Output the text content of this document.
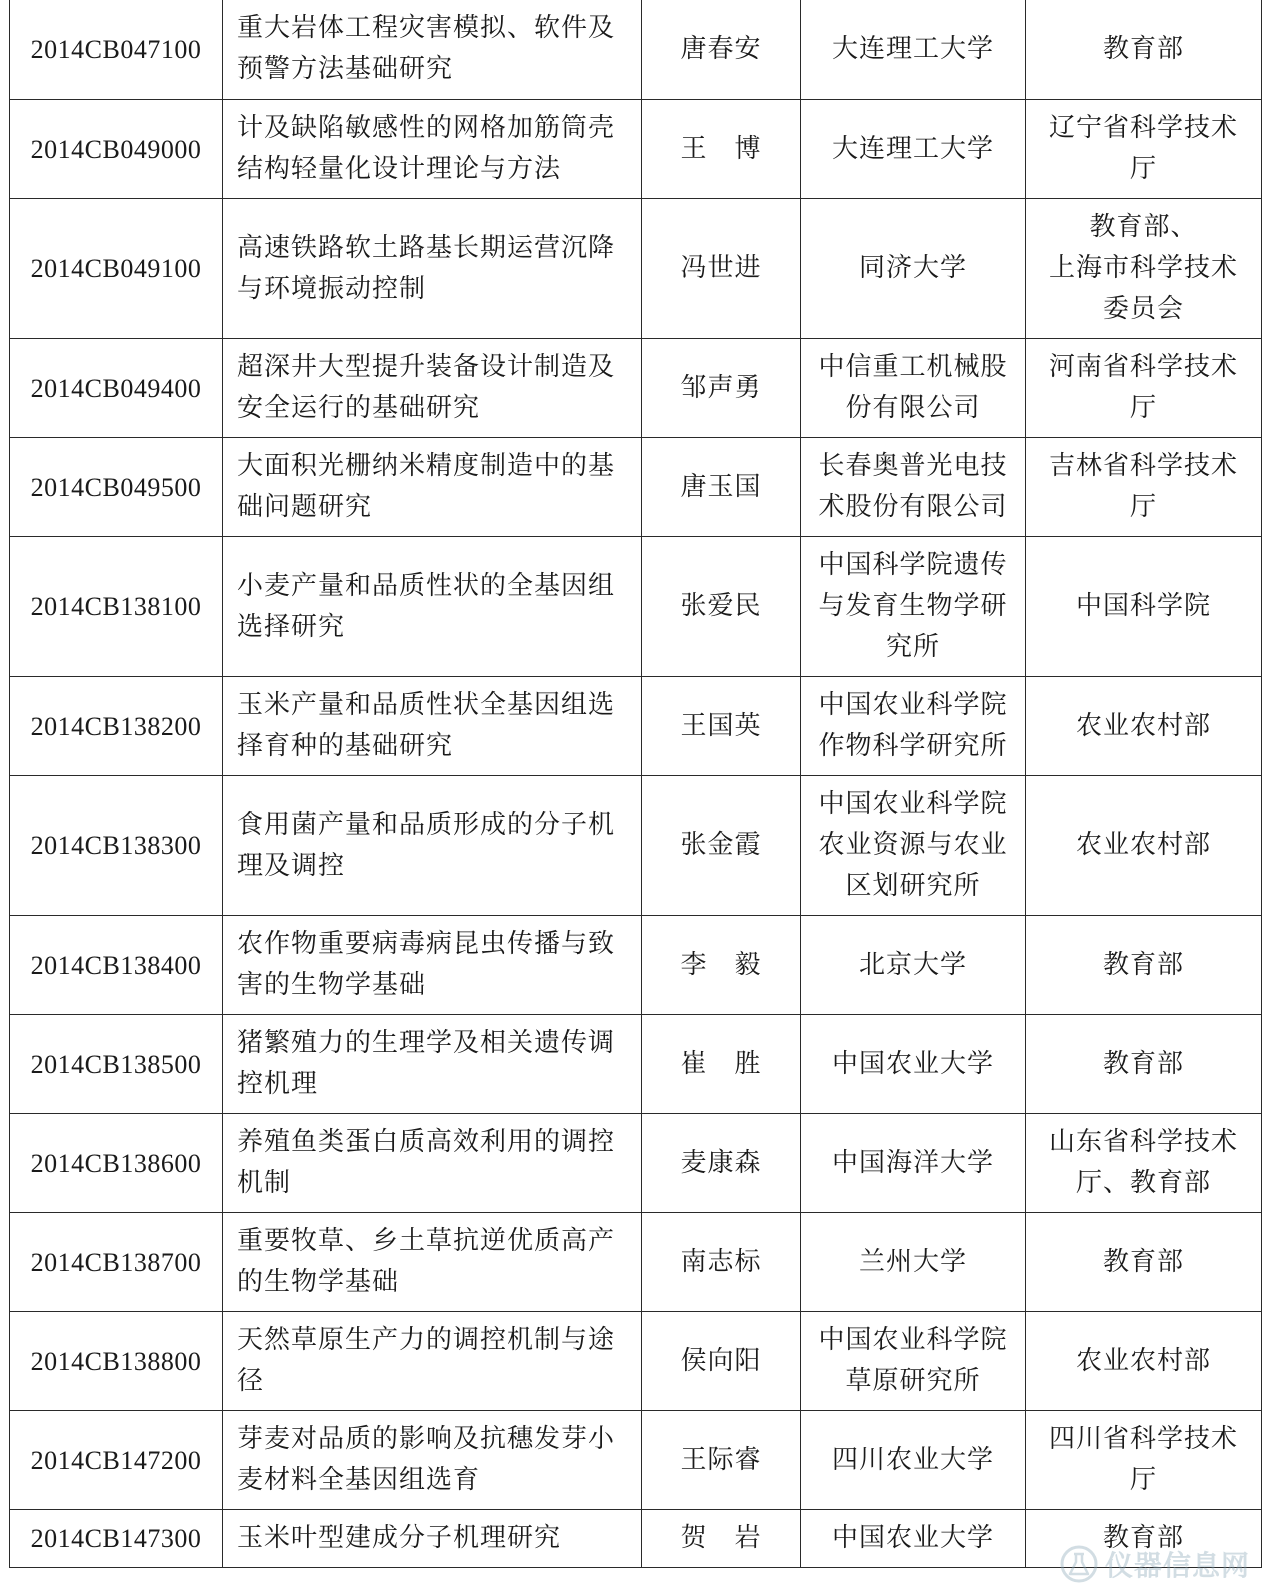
2014CB047100	重大岩体工程灾害模拟、软件及
预警方法基础研究	唐春安	大连理工大学	教育部

2014CB049000	计及缺陷敏感性的网格加筋筒壳
结构轻量化设计理论与方法	王　博	大连理工大学	辽宁省科学技术
厅

2014CB049100	高速铁路软土路基长期运营沉降
与环境振动控制	冯世进	同济大学	教育部、
上海市科学技术
委员会

2014CB049400	超深井大型提升装备设计制造及
安全运行的基础研究	邹声勇	中信重工机械股
份有限公司	河南省科学技术
厅

2014CB049500	大面积光栅纳米精度制造中的基
础问题研究	唐玉国	长春奥普光电技
术股份有限公司	吉林省科学技术
厅

2014CB138100	小麦产量和品质性状的全基因组
选择研究	张爱民	中国科学院遗传
与发育生物学研
究所	中国科学院

2014CB138200	玉米产量和品质性状全基因组选
择育种的基础研究	王国英	中国农业科学院
作物科学研究所	农业农村部

2014CB138300	食用菌产量和品质形成的分子机
理及调控	张金霞	中国农业科学院
农业资源与农业
区划研究所	农业农村部

2014CB138400	农作物重要病毒病昆虫传播与致
害的生物学基础	李　毅	北京大学	教育部

2014CB138500	猪繁殖力的生理学及相关遗传调
控机理	崔　胜	中国农业大学	教育部

2014CB138600	养殖鱼类蛋白质高效利用的调控
机制	麦康森	中国海洋大学	山东省科学技术
厅、教育部

2014CB138700	重要牧草、乡土草抗逆优质高产
的生物学基础	南志标	兰州大学	教育部

2014CB138800	天然草原生产力的调控机制与途
径	侯向阳	中国农业科学院
草原研究所	农业农村部

2014CB147200	芽麦对品质的影响及抗穗发芽小
麦材料全基因组选育	王际睿	四川农业大学	四川省科学技术
厅

2014CB147300	玉米叶型建成分子机理研究	贺　岩	中国农业大学	教育部
仪器信息网
